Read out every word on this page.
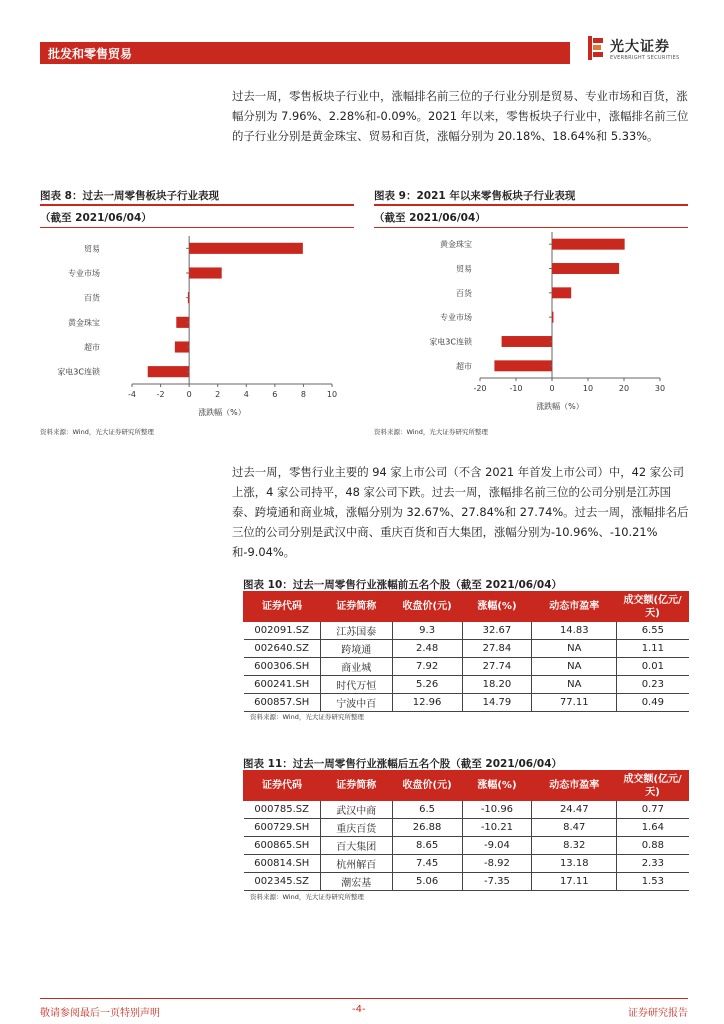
批发和零售贸易	光大证券
EVERBRIGHT SECURITIES
过去一周，零售板块子行业中，涨幅排名前三位的子行业分别是贸易、专业市场和百货，涨幅分别为 7.96%、2.28%和-0.09%。2021 年以来，零售板块子行业中，涨幅排名前三位的子行业分别是黄金珠宝、贸易和百货，涨幅分别为 20.18%、18.64%和 5.33%。
图表 8：过去一周零售板块子行业表现
（截至 2021/06/04）
-4	-2	0	2	4	6	8	10
贸易
专业市场
百货
黄金珠宝
超市
家电3C连锁
涨跌幅（%）
资料来源：Wind，光大证券研究所整理
图表 9：2021 年以来零售板块子行业表现
（截至 2021/06/04）
-20	-10	0	10	20	30
黄金珠宝
贸易
百货
专业市场
家电3C连锁
超市
涨跌幅（%）
资料来源：Wind，光大证券研究所整理
过去一周，零售行业主要的 94 家上市公司（不含 2021 年首发上市公司）中，42 家公司上涨，4 家公司持平，48 家公司下跌。过去一周，涨幅排名前三位的公司分别是江苏国泰、跨境通和商业城，涨幅分别为 32.67%、27.84%和 27.74%。过去一周，涨幅排名后三位的公司分别是武汉中商、重庆百货和百大集团，涨幅分别为-10.96%、-10.21%和-9.04%。
图表 10：过去一周零售行业涨幅前五名个股（截至 2021/06/04）
证券代码	证券简称	收盘价(元)	涨幅(%)	动态市盈率	成交额(亿元/天)
002091.SZ	江苏国泰	9.3	32.67	14.83	6.55
002640.SZ	跨境通	2.48	27.84	NA	1.11
600306.SH	商业城	7.92	27.74	NA	0.01
600241.SH	时代万恒	5.26	18.20	NA	0.23
600857.SH	宁波中百	12.96	14.79	77.11	0.49
资料来源：Wind，光大证券研究所整理
图表 11：过去一周零售行业涨幅后五名个股（截至 2021/06/04）
证券代码	证券简称	收盘价(元)	涨幅(%)	动态市盈率	成交额(亿元/天)
000785.SZ	武汉中商	6.5	-10.96	24.47	0.77
600729.SH	重庆百货	26.88	-10.21	8.47	1.64
600865.SH	百大集团	8.65	-9.04	8.32	0.88
600814.SH	杭州解百	7.45	-8.92	13.18	2.33
002345.SZ	潮宏基	5.06	-7.35	17.11	1.53
资料来源：Wind，光大证券研究所整理
敬请参阅最后一页特别声明	-4-	证券研究报告
